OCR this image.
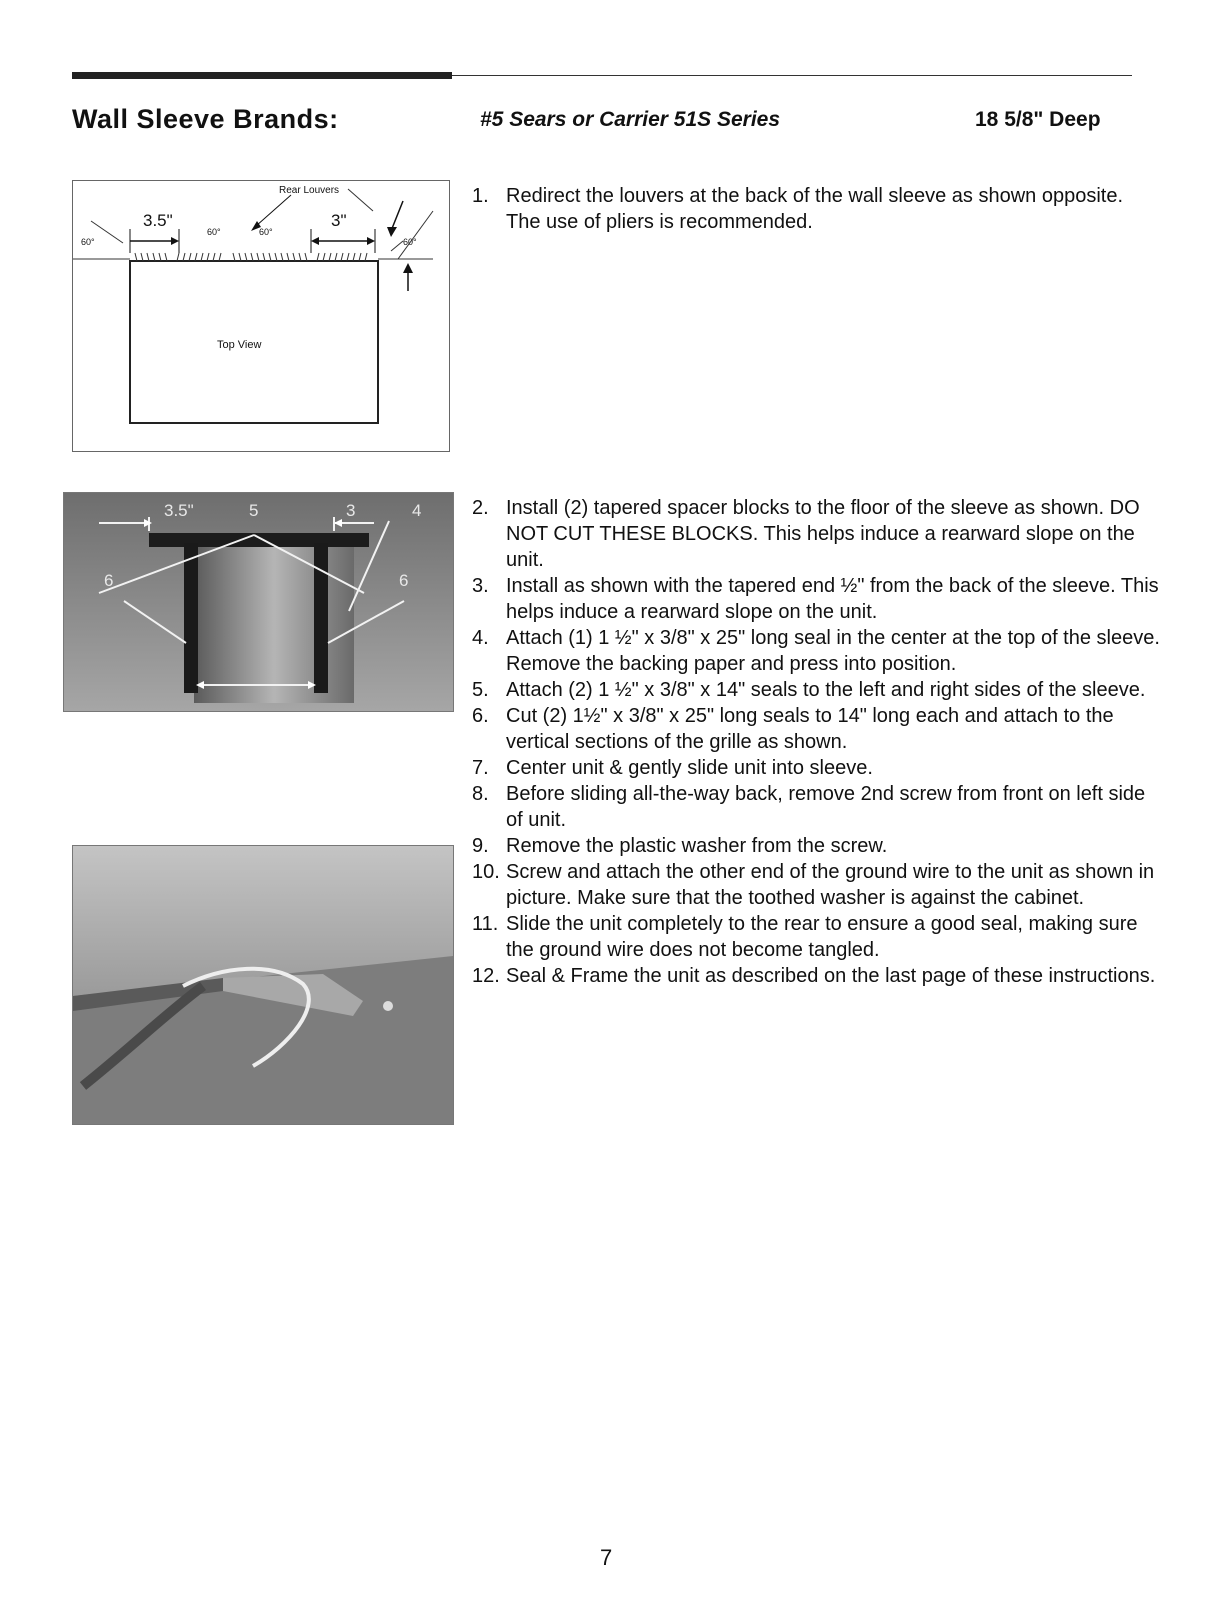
Wall Sleeve Brands:	#5 Sears or Carrier 51S Series	18 5/8" Deep
Rear Louvers
3.5"	3"
60°
60°	60°
60°
Top View
3.5"	5	3	4
6	6
1. Redirect the louvers at the back of the wall sleeve as shown opposite. The use of pliers is recommended.
2. Install (2) tapered spacer blocks to the floor of the sleeve as shown. DO NOT CUT THESE BLOCKS. This helps induce a rearward slope on the unit.
3. Install as shown with the tapered end ½" from the back of the sleeve. This helps induce a rearward slope on the unit.
4. Attach (1) 1 ½" x 3/8" x 25" long seal in the center at the top of the sleeve. Remove the backing paper and press into position.
5. Attach (2) 1 ½" x 3/8" x 14" seals to the left and right sides of the sleeve.
6. Cut (2) 1½" x 3/8" x 25" long seals to 14" long each and attach to the vertical sections of the grille as shown.
7. Center unit & gently slide unit into sleeve.
8. Before sliding all-the-way back, remove 2nd screw from front on left side of unit.
9. Remove the plastic washer from the screw.
10. Screw and attach the other end of the ground wire to the unit as shown in picture. Make sure that the toothed washer is against the cabinet.
11. Slide the unit completely to the rear to ensure a good seal, making sure the ground wire does not become tangled.
12. Seal & Frame the unit as described on the last page of these instructions.
7
